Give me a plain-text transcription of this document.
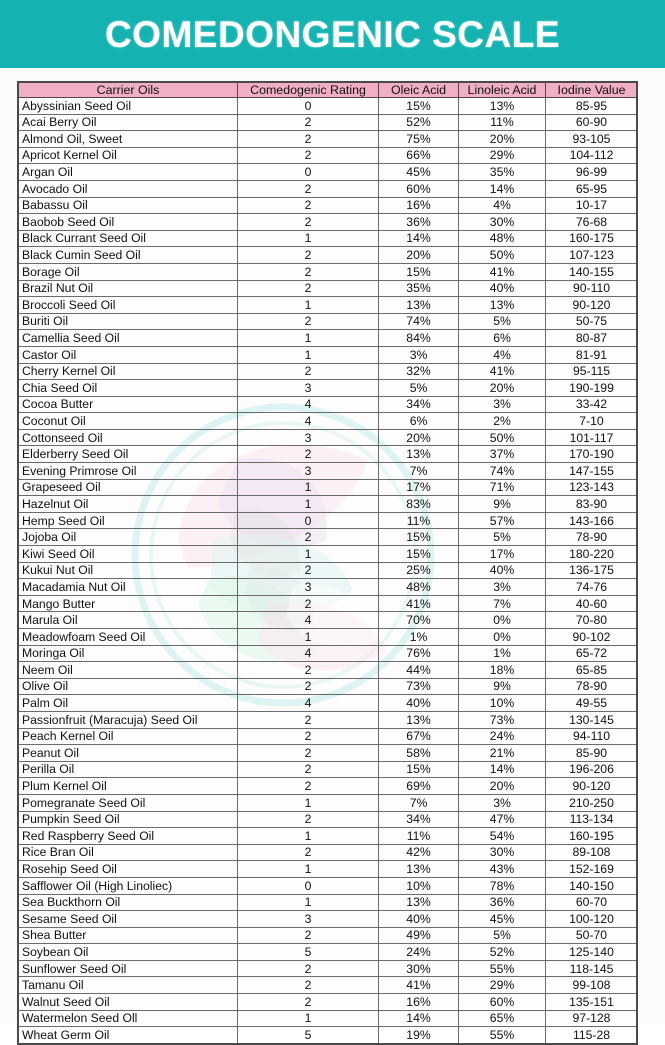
COMEDONGENIC SCALE
Carrier Oils	Comedogenic Rating	Oleic Acid	Linoleic Acid	Iodine Value
Abyssinian Seed Oil	0	15%	13%	85-95
Acai Berry Oil	2	52%	11%	60-90
Almond Oil, Sweet	2	75%	20%	93-105
Apricot Kernel Oil	2	66%	29%	104-112
Argan Oil	0	45%	35%	96-99
Avocado Oil	2	60%	14%	65-95
Babassu Oil	2	16%	4%	10-17
Baobob Seed Oil	2	36%	30%	76-68
Black Currant Seed Oil	1	14%	48%	160-175
Black Cumin Seed Oil	2	20%	50%	107-123
Borage Oil	2	15%	41%	140-155
Brazil Nut Oil	2	35%	40%	90-110
Broccoli Seed Oil	1	13%	13%	90-120
Buriti Oil	2	74%	5%	50-75
Camellia Seed Oil	1	84%	6%	80-87
Castor Oil	1	3%	4%	81-91
Cherry Kernel Oil	2	32%	41%	95-115
Chia Seed Oil	3	5%	20%	190-199
Cocoa Butter	4	34%	3%	33-42
Coconut Oil	4	6%	2%	7-10
Cottonseed Oil	3	20%	50%	101-117
Elderberry Seed Oil	2	13%	37%	170-190
Evening Primrose Oil	3	7%	74%	147-155
Grapeseed Oil	1	17%	71%	123-143
Hazelnut Oil	1	83%	9%	83-90
Hemp Seed Oil	0	11%	57%	143-166
Jojoba Oil	2	15%	5%	78-90
Kiwi Seed Oil	1	15%	17%	180-220
Kukui Nut Oil	2	25%	40%	136-175
Macadamia Nut Oil	3	48%	3%	74-76
Mango Butter	2	41%	7%	40-60
Marula Oil	4	70%	0%	70-80
Meadowfoam Seed Oil	1	1%	0%	90-102
Moringa Oil	4	76%	1%	65-72
Neem Oil	2	44%	18%	65-85
Olive Oil	2	73%	9%	78-90
Palm Oil	4	40%	10%	49-55
Passionfruit (Maracuja) Seed Oil	2	13%	73%	130-145
Peach Kernel Oil	2	67%	24%	94-110
Peanut Oil	2	58%	21%	85-90
Perilla Oil	2	15%	14%	196-206
Plum Kernel Oil	2	69%	20%	90-120
Pomegranate Seed Oil	1	7%	3%	210-250
Pumpkin Seed Oil	2	34%	47%	113-134
Red Raspberry Seed Oil	1	11%	54%	160-195
Rice Bran Oil	2	42%	30%	89-108
Rosehip Seed Oil	1	13%	43%	152-169
Safflower Oil (High Linoliec)	0	10%	78%	140-150
Sea Buckthorn Oil	1	13%	36%	60-70
Sesame Seed Oil	3	40%	45%	100-120
Shea Butter	2	49%	5%	50-70
Soybean Oil	5	24%	52%	125-140
Sunflower Seed Oil	2	30%	55%	118-145
Tamanu Oil	2	41%	29%	99-108
Walnut Seed Oil	2	16%	60%	135-151
Watermelon Seed Oll	1	14%	65%	97-128
Wheat Germ Oil	5	19%	55%	115-28
